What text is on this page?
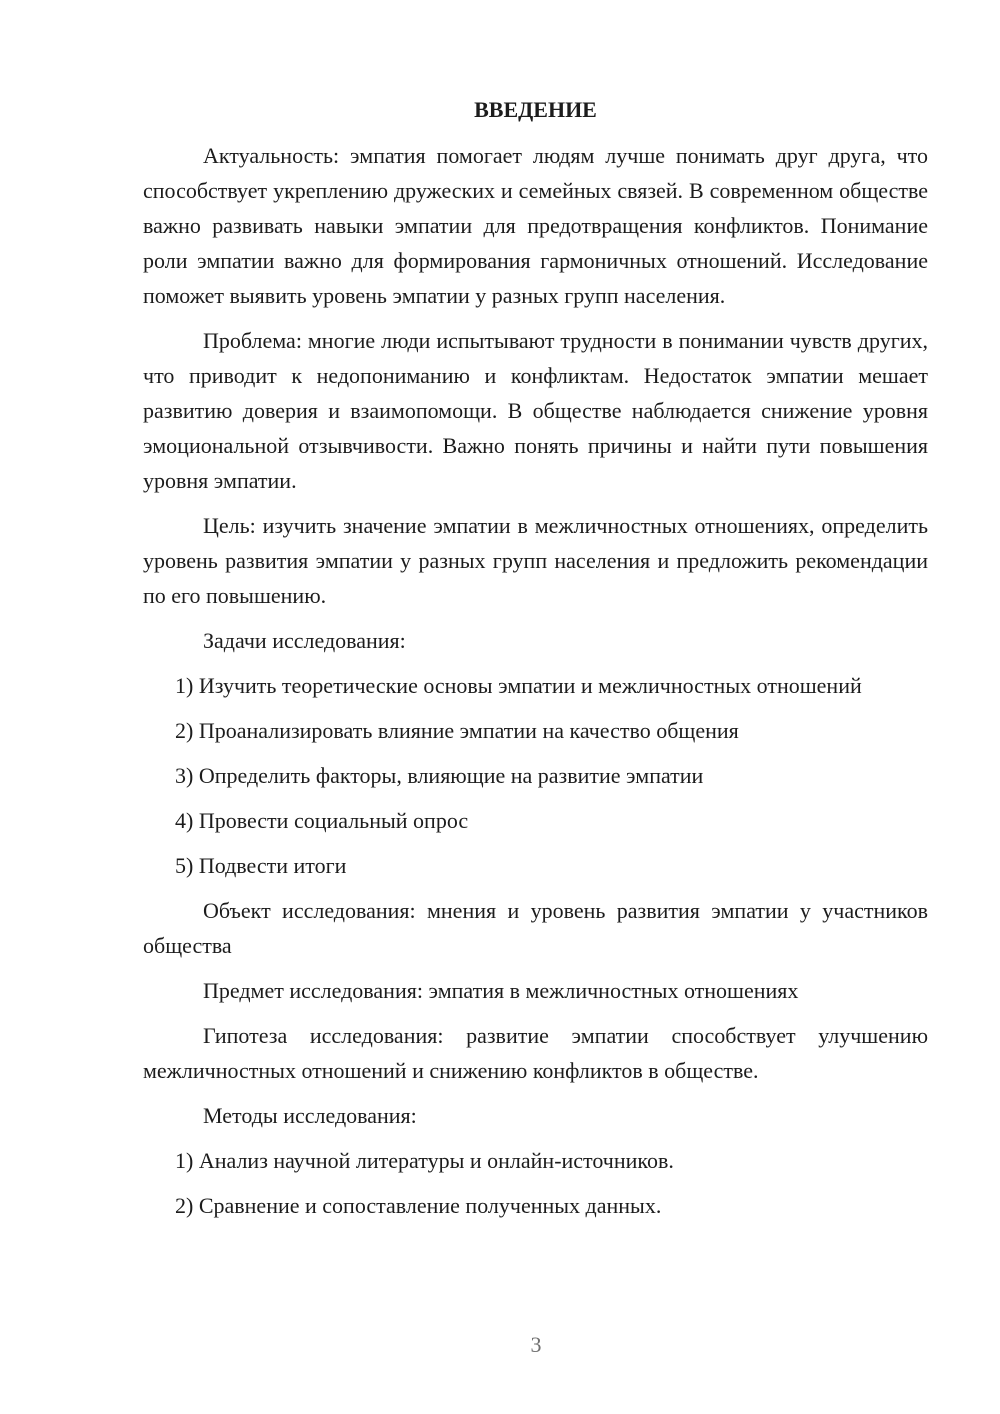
ВВЕДЕНИЕ

Актуальность: эмпатия помогает людям лучше понимать друг друга, что способствует укреплению дружеских и семейных связей. В современном обществе важно развивать навыки эмпатии для предотвращения конфликтов. Понимание роли эмпатии важно для формирования гармоничных отношений. Исследование поможет выявить уровень эмпатии у разных групп населения.

Проблема: многие люди испытывают трудности в понимании чувств других, что приводит к недопониманию и конфликтам. Недостаток эмпатии мешает развитию доверия и взаимопомощи. В обществе наблюдается снижение уровня эмоциональной отзывчивости. Важно понять причины и найти пути повышения уровня эмпатии.

Цель: изучить значение эмпатии в межличностных отношениях, определить уровень развития эмпатии у разных групп населения и предложить рекомендации по его повышению.

Задачи исследования:

1) Изучить теоретические основы эмпатии и межличностных отношений

2) Проанализировать влияние эмпатии на качество общения

3) Определить факторы, влияющие на развитие эмпатии

4) Провести социальный опрос

5) Подвести итоги

Объект исследования: мнения и уровень развития эмпатии у участников общества

Предмет исследования: эмпатия в межличностных отношениях

Гипотеза исследования: развитие эмпатии способствует улучшению межличностных отношений и снижению конфликтов в обществе.

Методы исследования:

1) Анализ научной литературы и онлайн-источников.

2) Сравнение и сопоставление полученных данных.

3
